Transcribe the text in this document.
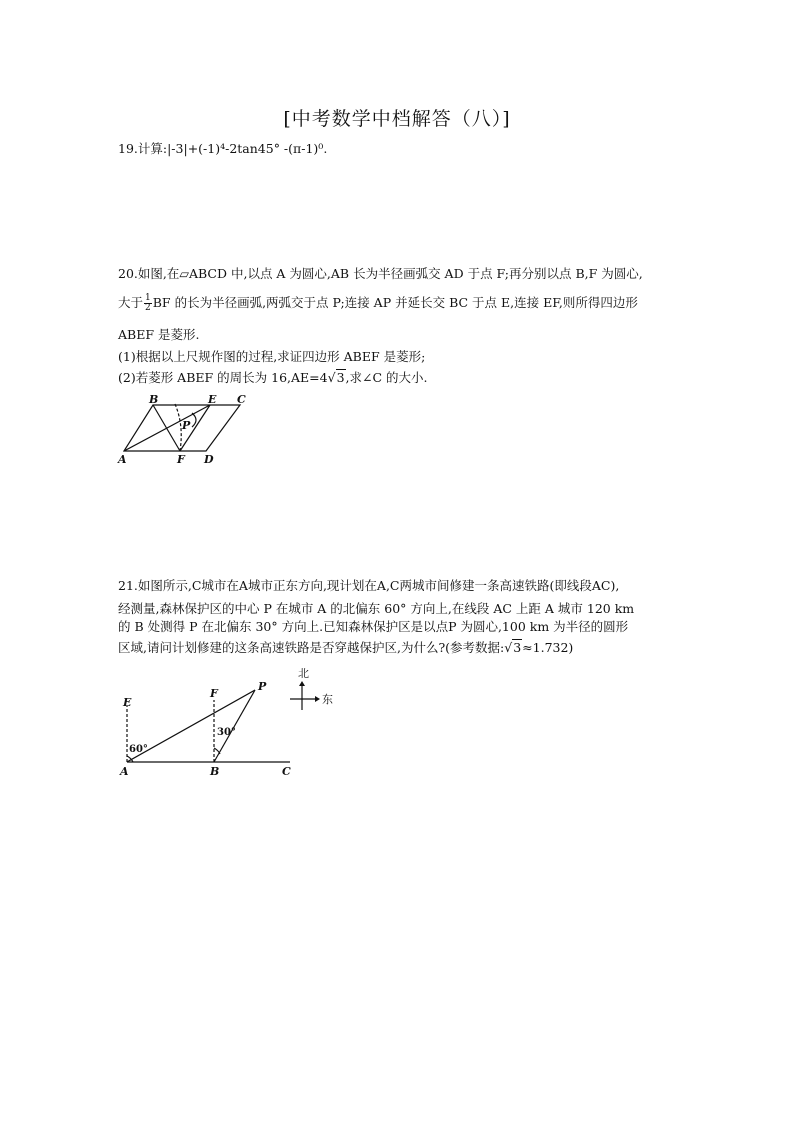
[中考数学中档解答（八）]
19.计算:|-3|+(-1)⁴-2tan45° -(π-1)⁰.
20.如图,在▱ABCD 中,以点 A 为圆心,AB 长为半径画弧交 AD 于点 F;再分别以点 B,F 为圆心,
大于 $\frac{1}{2}$ BF 的长为半径画弧,两弧交于点 P;连接 AP 并延长交 BC 于点 E,连接 EF,则所得四边形
ABEF 是菱形.
(1)根据以上尺规作图的过程,求证四边形 ABEF 是菱形;
(2)若菱形 ABEF 的周长为 16,AE=4√3,求∠C 的大小.
B	E C
P
A	F D
21.如图所示,C城市在A城市正东方向,现计划在A,C两城市间修建一条高速铁路(即线段AC),
经测量,森林保护区的中心 P 在城市 A 的北偏东 60° 方向上,在线段 AC 上距 A 城市 120 km
的 B 处测得 P 在北偏东 30° 方向上.已知森林保护区是以点P 为圆心,100 km 为半径的圆形
区域,请问计划修建的这条高速铁路是否穿越保护区,为什么?(参考数据:√3≈1.732)
E
F
P
A	B	C
60°
30°
北
东
